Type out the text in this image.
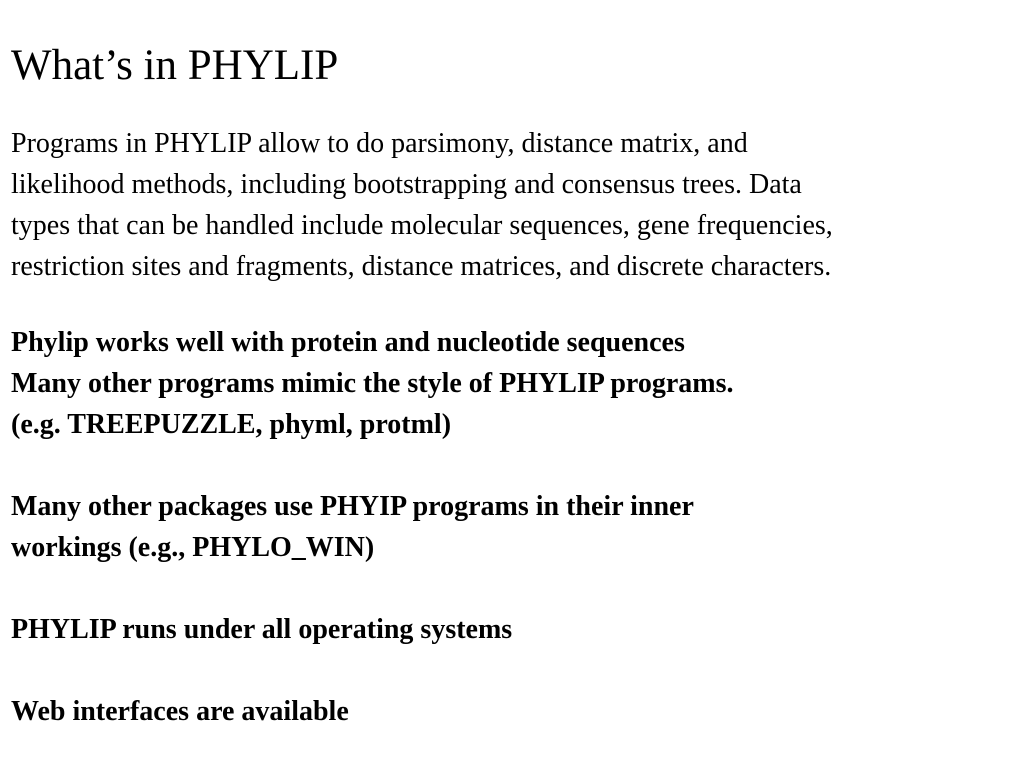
What’s in PHYLIP

Programs in PHYLIP allow to do parsimony, distance matrix, and

likelihood methods, including bootstrapping and consensus trees. Data

types that can be handled include molecular sequences, gene frequencies,

restriction sites and fragments, distance matrices, and discrete characters.

Phylip works well with protein and nucleotide sequences

Many other programs mimic the style of PHYLIP programs.

(e.g. TREEPUZZLE, phyml, protml)

Many other packages use PHYIP programs in their inner

workings (e.g., PHYLO_WIN)

PHYLIP runs under all operating systems

Web interfaces are available
